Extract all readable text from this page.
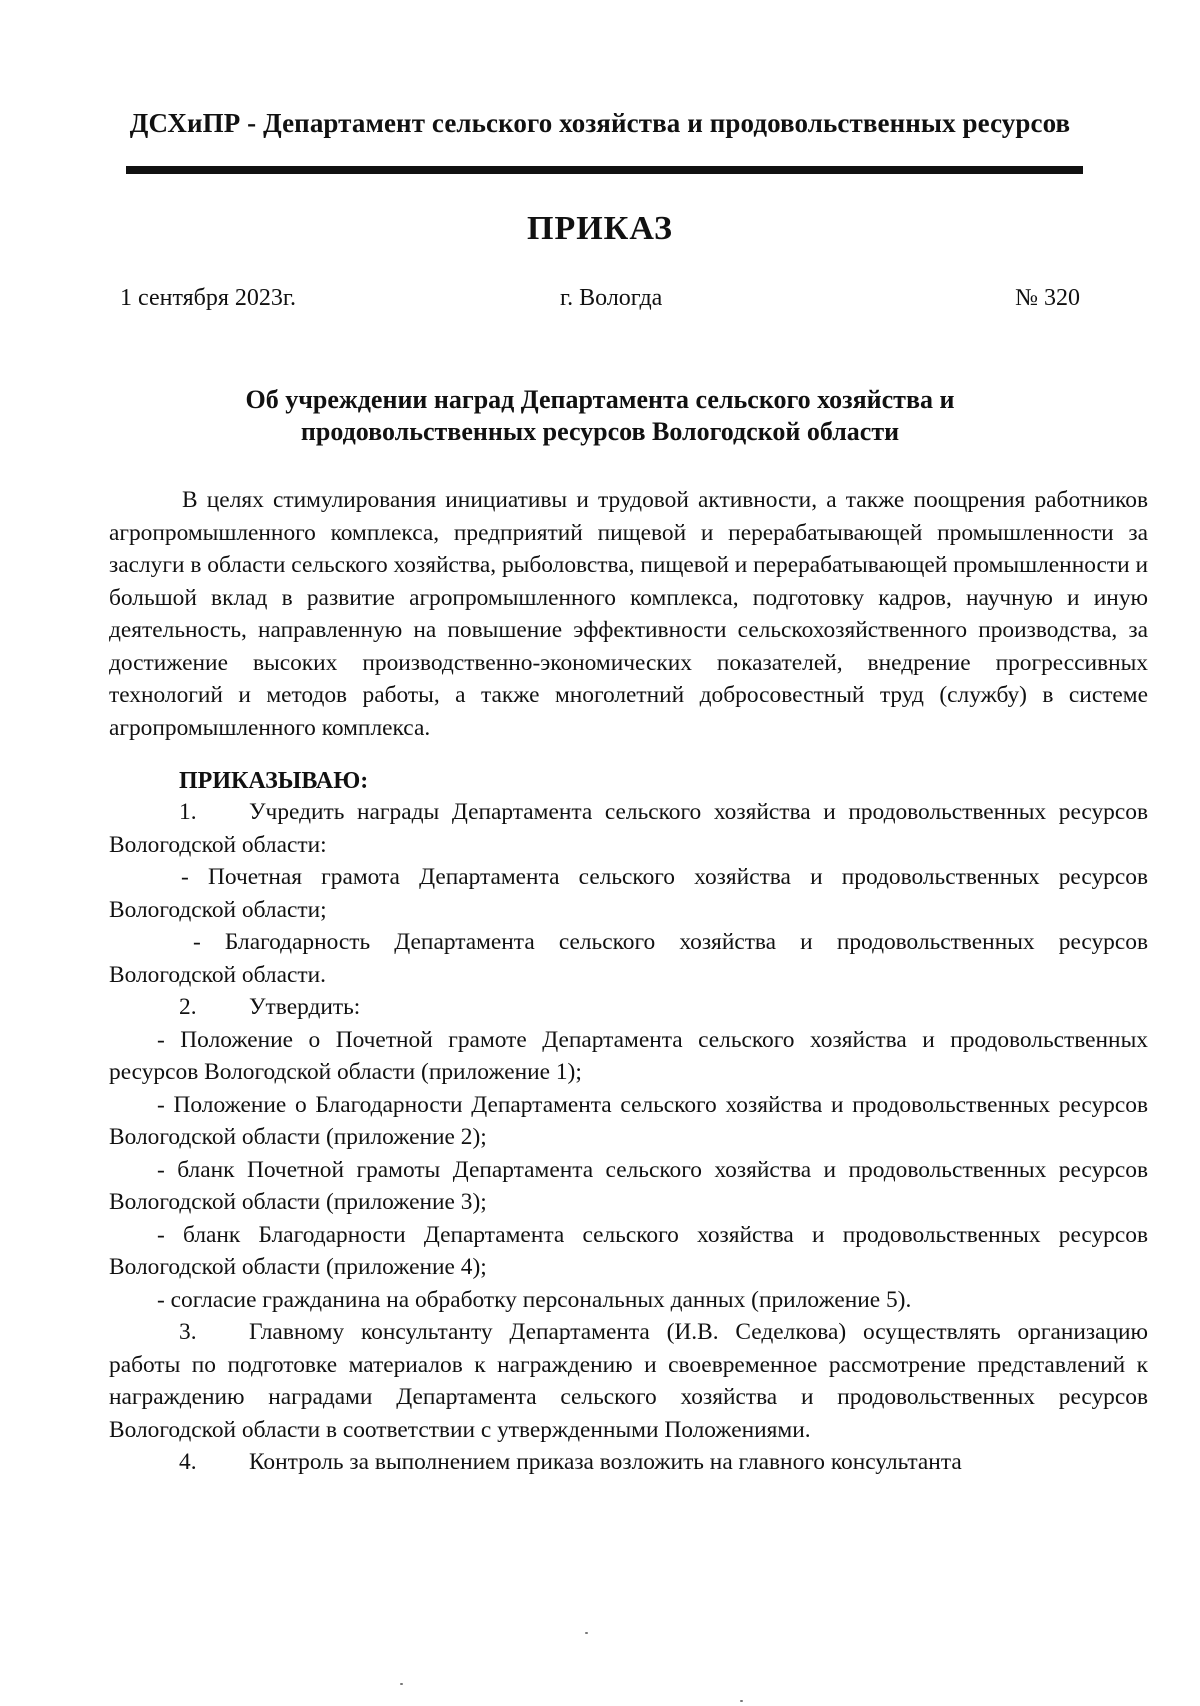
ДСХиПР - Департамент сельского хозяйства и продовольственных ресурсов
ПРИКАЗ
1 сентября 2023г.	г. Вологда	№ 320
Об учреждении наград Департамента сельского хозяйства и продовольственных ресурсов Вологодской области

В целях стимулирования инициативы и трудовой активности, а также поощрения работников агропромышленного комплекса, предприятий пищевой и перерабатывающей промышленности за заслуги в области сельского хозяйства, рыболовства, пищевой и перерабатывающей промышленности и большой вклад в развитие агропромышленного комплекса, подготовку кадров, научную и иную деятельность, направленную на повышение эффективности сельскохозяйственного производства, за достижение высоких производственно-экономических показателей, внедрение прогрессивных технологий и методов работы, а также многолетний добросовестный труд (службу) в системе агропромышленного комплекса.

ПРИКАЗЫВАЮ:

1. Учредить награды Департамента сельского хозяйства и продовольственных ресурсов Вологодской области:

- Почетная грамота Департамента сельского хозяйства и продовольственных ресурсов Вологодской области;

- Благодарность Департамента сельского хозяйства и продовольственных ресурсов Вологодской области.

2. Утвердить:

- Положение о Почетной грамоте Департамента сельского хозяйства и продовольственных ресурсов Вологодской области (приложение 1);

- Положение о Благодарности Департамента сельского хозяйства и продовольственных ресурсов Вологодской области (приложение 2);

- бланк Почетной грамоты Департамента сельского хозяйства и продовольственных ресурсов Вологодской области (приложение 3);

- бланк Благодарности Департамента сельского хозяйства и продовольственных ресурсов Вологодской области (приложение 4);

- согласие гражданина на обработку персональных данных (приложение 5).

3. Главному консультанту Департамента (И.В. Седелкова) осуществлять организацию работы по подготовке материалов к награждению и своевременное рассмотрение представлений к награждению наградами Департамента сельского хозяйства и продовольственных ресурсов Вологодской области в соответствии с утвержденными Положениями.

4. Контроль за выполнением приказа возложить на главного консультанта
